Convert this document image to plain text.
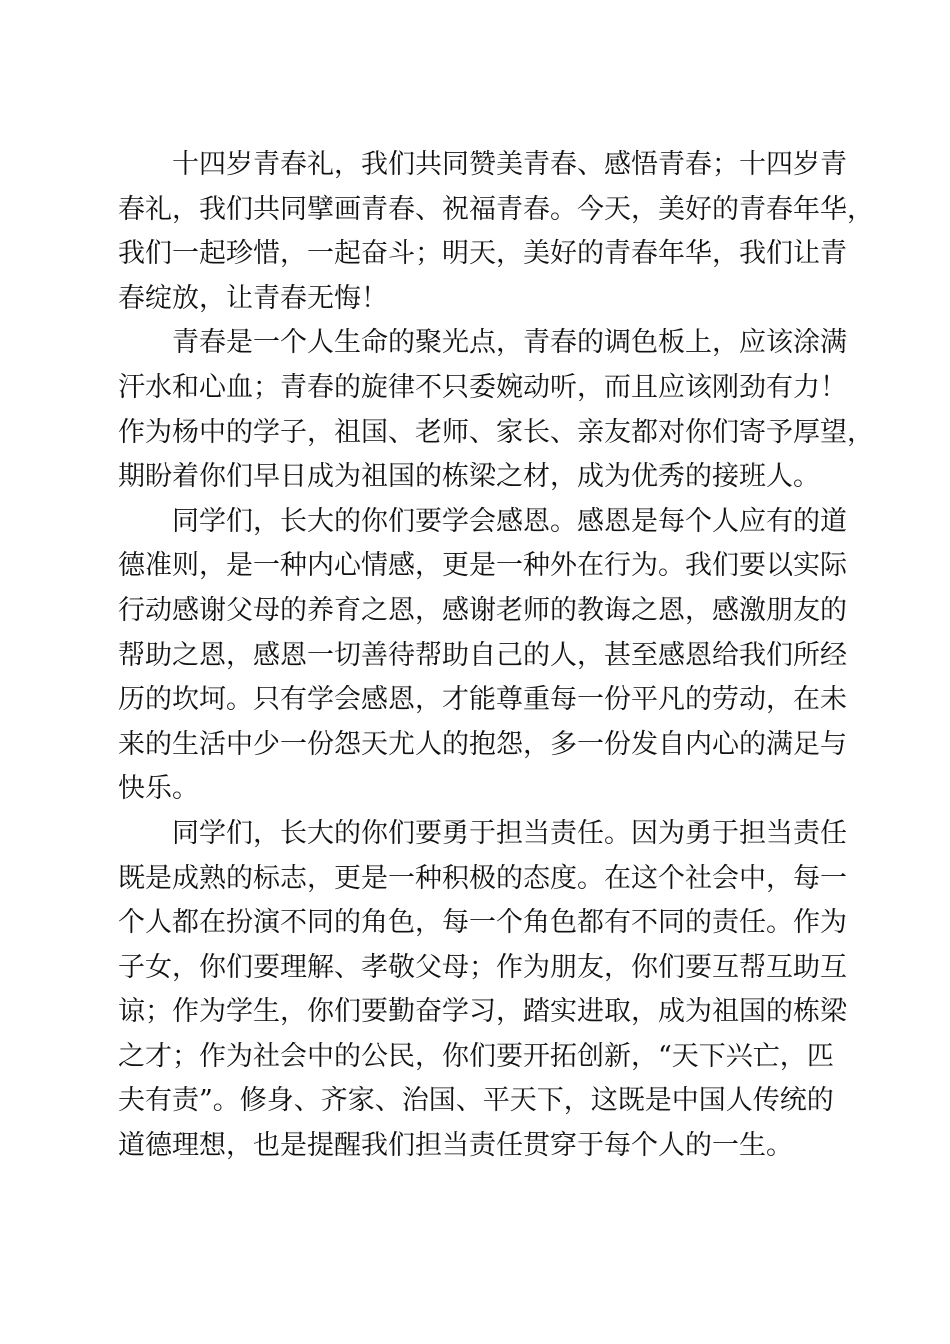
十四岁青春礼，我们共同赞美青春、感悟青春；十四岁青
春礼，我们共同擘画青春、祝福青春。今天，美好的青春年华，
我们一起珍惜，一起奋斗；明天，美好的青春年华，我们让青
春绽放，让青春无悔！
青春是一个人生命的聚光点，青春的调色板上，应该涂满
汗水和心血；青春的旋律不只委婉动听，而且应该刚劲有力！
作为杨中的学子，祖国、老师、家长、亲友都对你们寄予厚望，
期盼着你们早日成为祖国的栋梁之材，成为优秀的接班人。
同学们，长大的你们要学会感恩。感恩是每个人应有的道
德准则，是一种内心情感，更是一种外在行为。我们要以实际
行动感谢父母的养育之恩，感谢老师的教诲之恩，感激朋友的
帮助之恩，感恩一切善待帮助自己的人，甚至感恩给我们所经
历的坎坷。只有学会感恩，才能尊重每一份平凡的劳动，在未
来的生活中少一份怨天尤人的抱怨，多一份发自内心的满足与
快乐。
同学们，长大的你们要勇于担当责任。因为勇于担当责任
既是成熟的标志，更是一种积极的态度。在这个社会中，每一
个人都在扮演不同的角色，每一个角色都有不同的责任。作为
子女，你们要理解、孝敬父母；作为朋友，你们要互帮互助互
谅；作为学生，你们要勤奋学习，踏实进取，成为祖国的栋梁
之才；作为社会中的公民，你们要开拓创新，“天下兴亡，匹
夫有责”。修身、齐家、治国、平天下，这既是中国人传统的
道德理想，也是提醒我们担当责任贯穿于每个人的一生。
